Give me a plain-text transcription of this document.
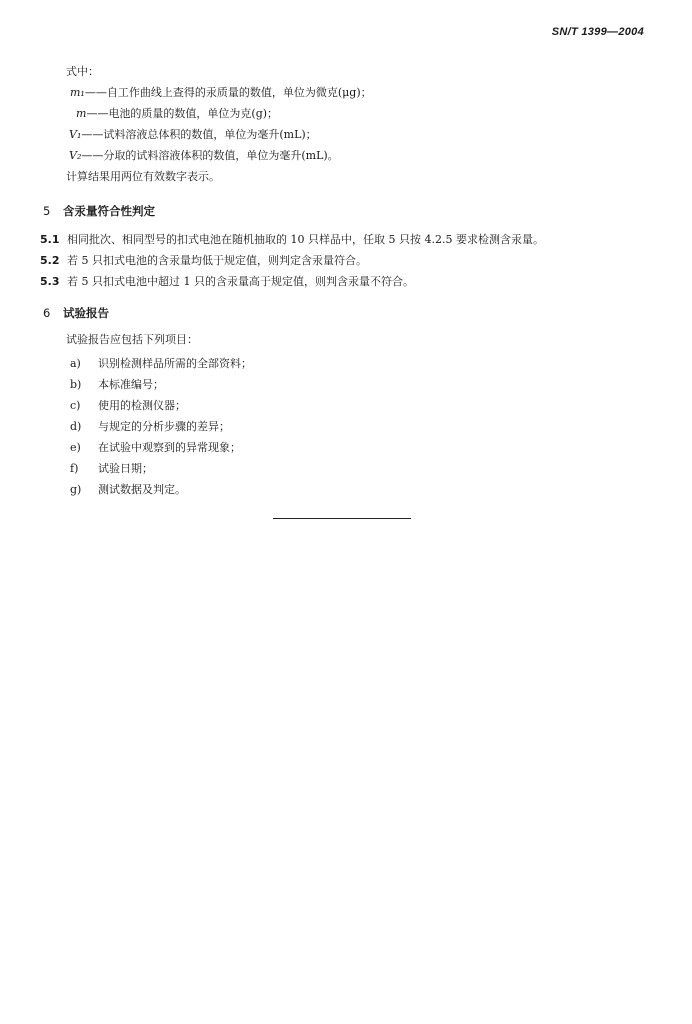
SN/T 1399—2004
式中：
m₁——自工作曲线上查得的汞质量的数值，单位为微克(μg)；
m——电池的质量的数值，单位为克(g)；
V₁——试料溶液总体积的数值，单位为毫升(mL)；
V₂——分取的试料溶液体积的数值，单位为毫升(mL)。
计算结果用两位有效数字表示。
5 含汞量符合性判定
5.1 相同批次、相同型号的扣式电池在随机抽取的 10 只样品中，任取 5 只按 4.2.5 要求检测含汞量。
5.2 若 5 只扣式电池的含汞量均低于规定值，则判定含汞量符合。
5.3 若 5 只扣式电池中超过 1 只的含汞量高于规定值，则判含汞量不符合。
6 试验报告
试验报告应包括下列项目：
a) 识别检测样品所需的全部资料；
b) 本标准编号；
c) 使用的检测仪器；
d) 与规定的分析步骤的差异；
e) 在试验中观察到的异常现象；
f) 试验日期；
g) 测试数据及判定。
